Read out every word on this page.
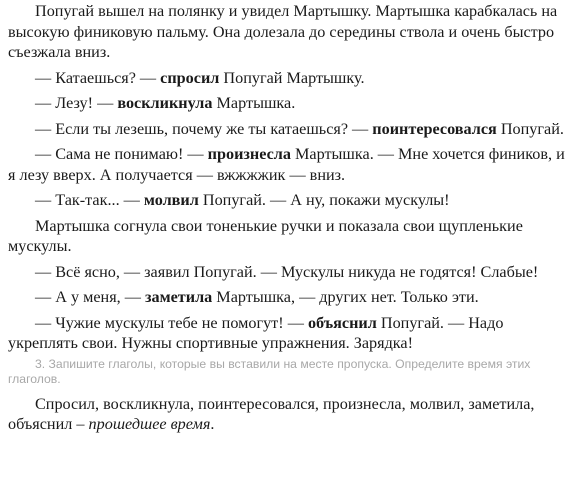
Попугай вышел на полянку и увидел Мартышку. Мартышка карабкалась на высокую финиковую пальму. Она долезала до середины ствола и очень быстро съезжала вниз.

— Катаешься? — спросил Попугай Мартышку.

— Лезу! — воскликнула Мартышка.

— Если ты лезешь, почему же ты катаешься? — поинтересовался Попугай.

— Сама не понимаю! — произнесла Мартышка. — Мне хочется фиников, и я лезу вверх. А получается — вжжжжик — вниз.

— Так-так... — молвил Попугай. — А ну, покажи мускулы!

Мартышка согнула свои тоненькие ручки и показала свои щупленькие мускулы.

— Всё ясно, — заявил Попугай. — Мускулы никуда не годятся! Слабые!

— А у меня, — заметила Мартышка, — других нет. Только эти.

— Чужие мускулы тебе не помогут! — объяснил Попугай. — Надо укреплять свои. Нужны спортивные упражнения. Зарядка!

3. Запишите глаголы, которые вы вставили на месте пропуска. Определите время этих глаголов.

Спросил, воскликнула, поинтересовался, произнесла, молвил, заметила, объяснил – прошедшее время.
